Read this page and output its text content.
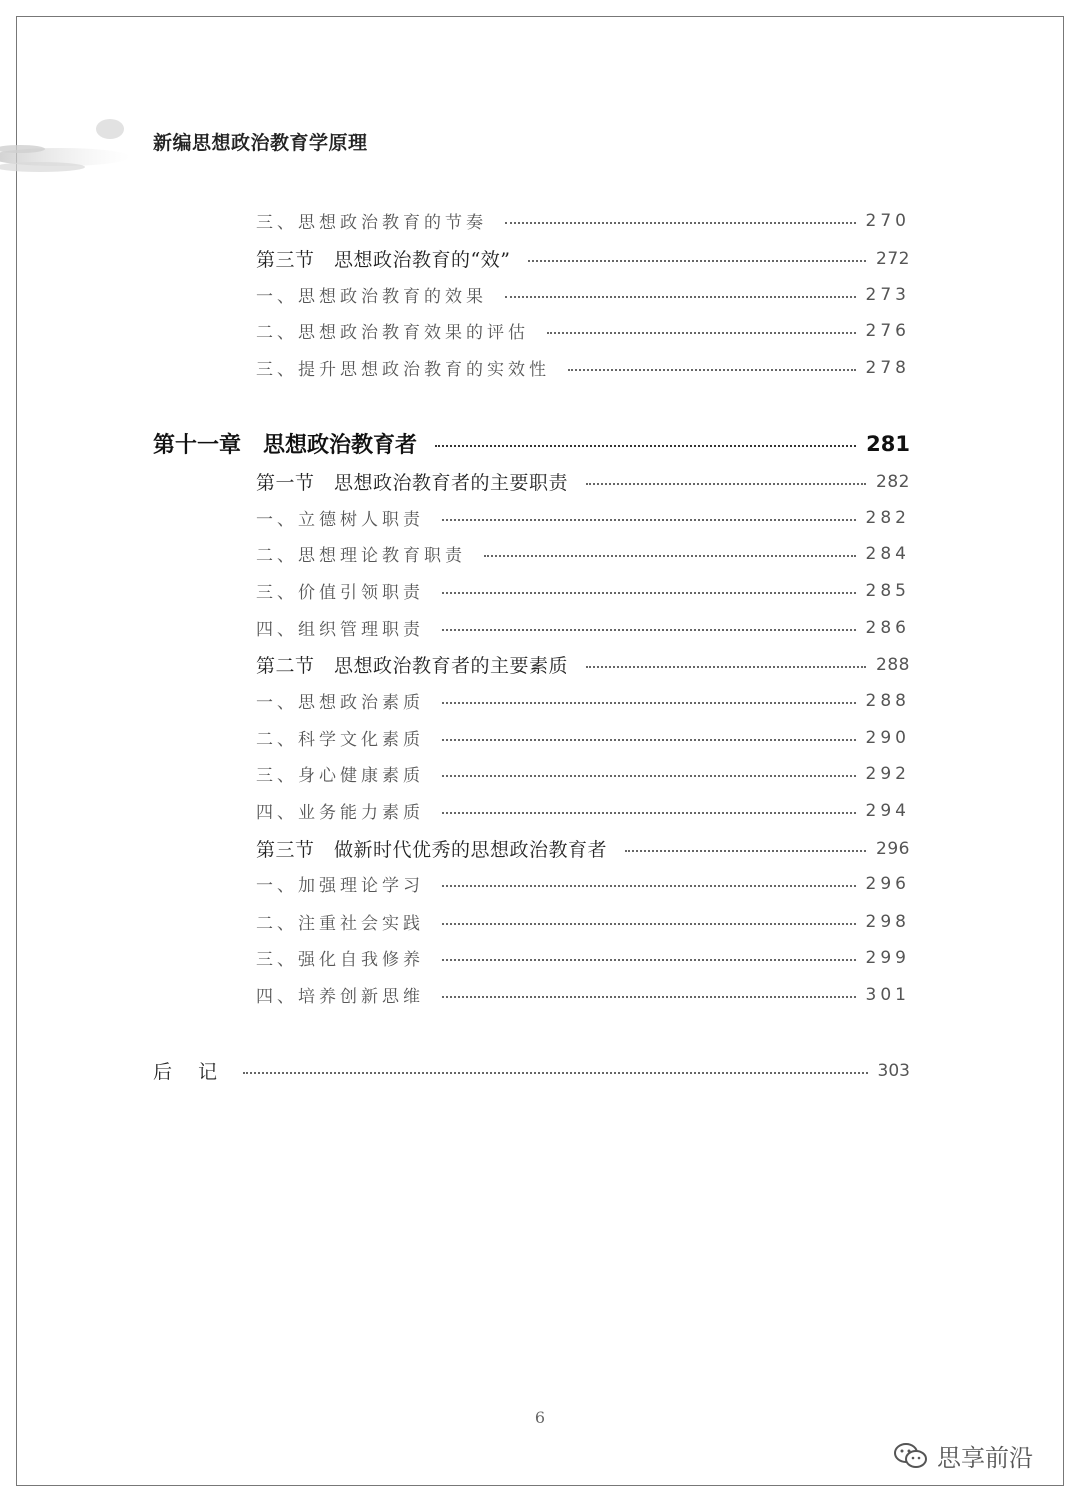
新编思想政治教育学原理
三、思想政治教育的节奏	270
第三节　思想政治教育的“效”	272
一、思想政治教育的效果	273
二、思想政治教育效果的评估	276
三、提升思想政治教育的实效性	278
第十一章　思想政治教育者	281
第一节　思想政治教育者的主要职责	282
一、立德树人职责	282
二、思想理论教育职责	284
三、价值引领职责	285
四、组织管理职责	286
第二节　思想政治教育者的主要素质	288
一、思想政治素质	288
二、科学文化素质	290
三、身心健康素质	292
四、业务能力素质	294
第三节　做新时代优秀的思想政治教育者	296
一、加强理论学习	296
二、注重社会实践	298
三、强化自我修养	299
四、培养创新思维	301
后记	303
6
思享前沿
